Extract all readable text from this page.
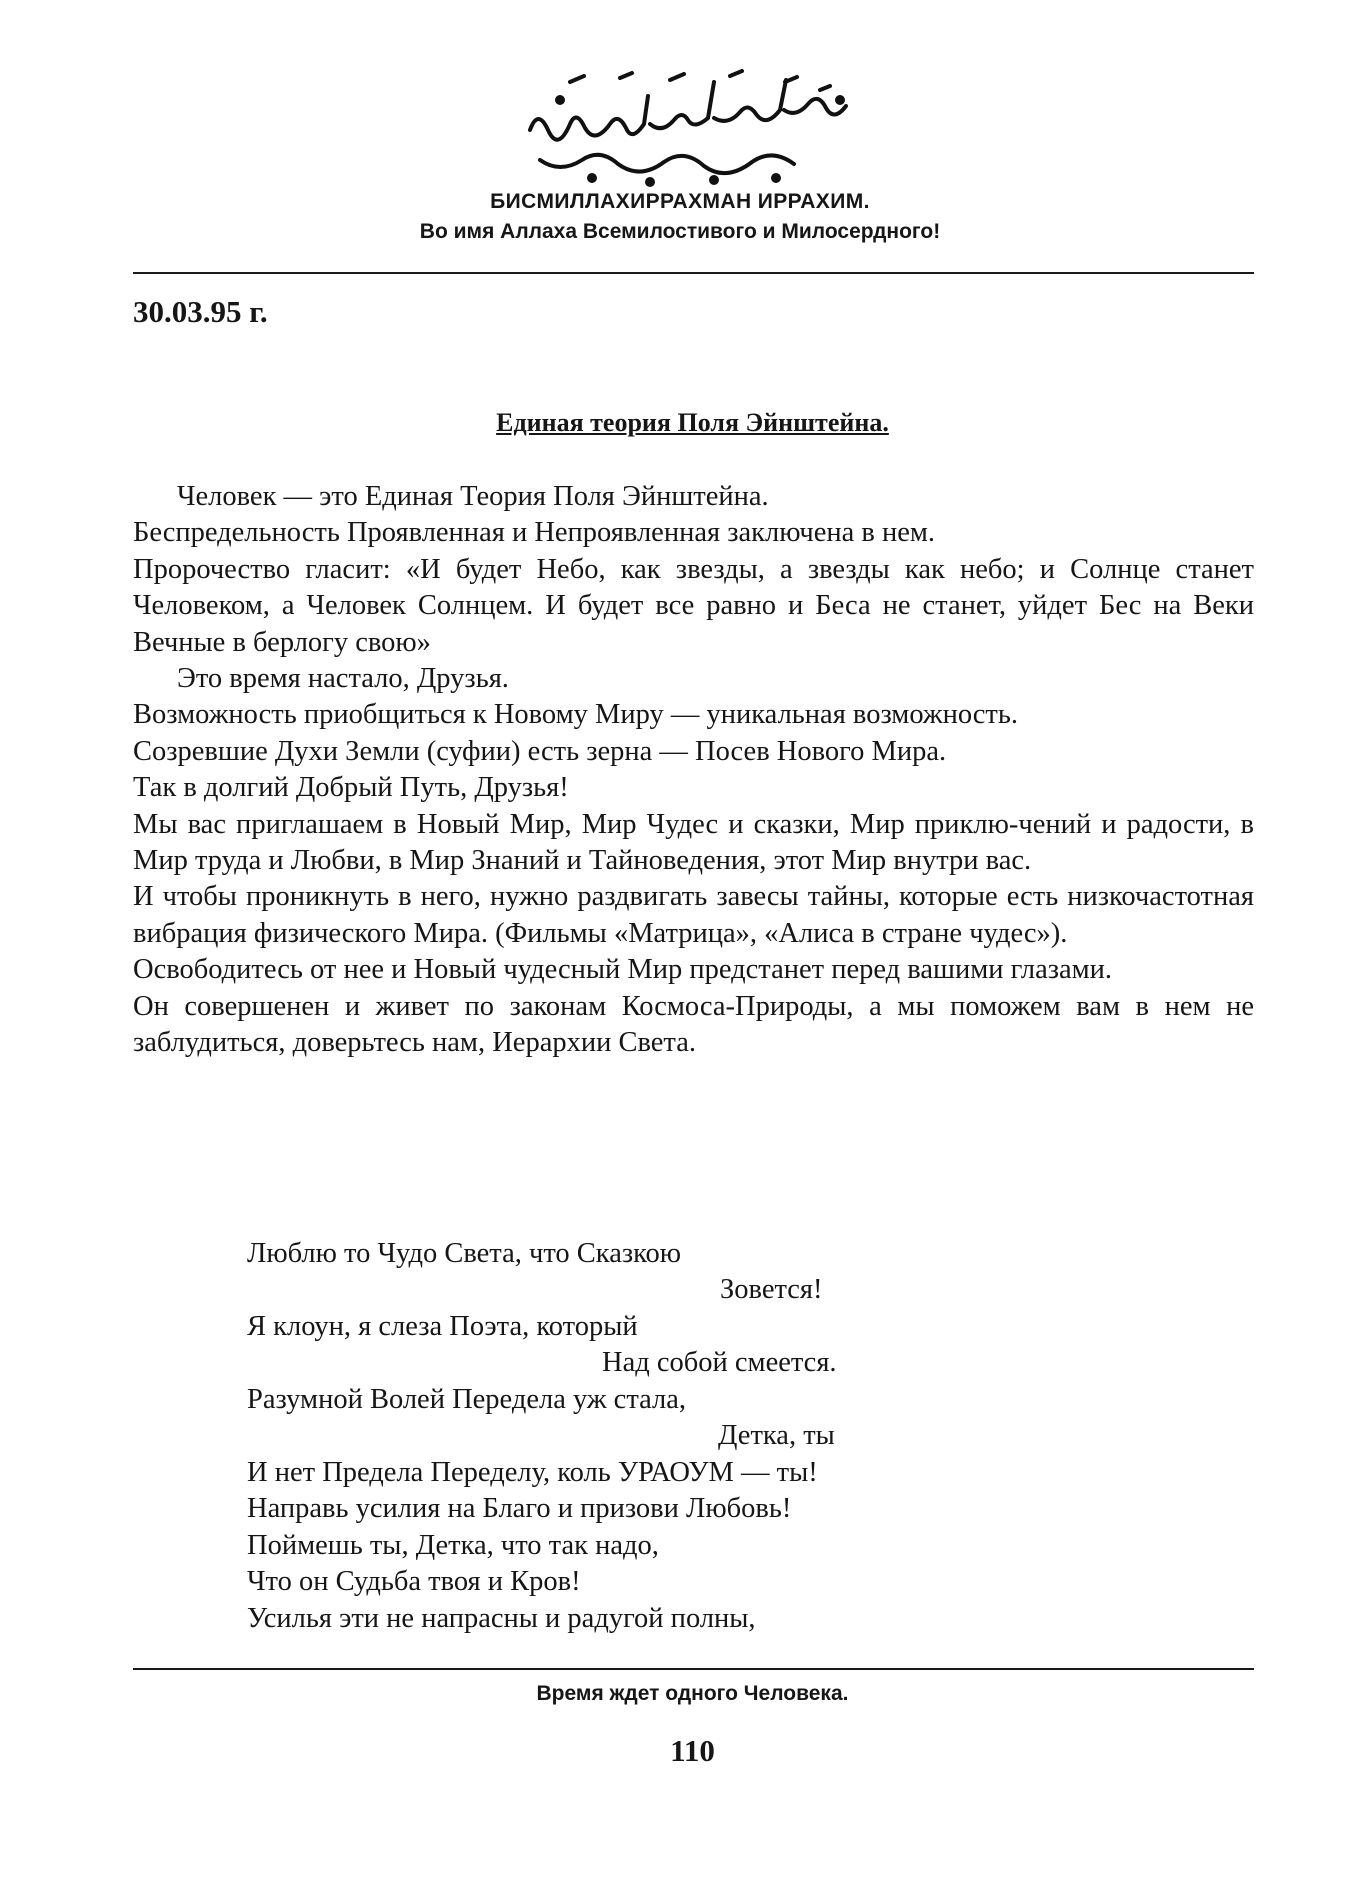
БИСМИЛЛАХИРРАХМАН ИРРАХИМ.
Во имя Аллаха Всемилостивого и Милосердного!
30.03.95 г.
Единая теория Поля Эйнштейна.
Человек — это Единая Теория Поля Эйнштейна.
Беспредельность Проявленная и Непроявленная заключена в нем.
Пророчество гласит: «И будет Небо, как звезды, а звезды как небо; и Солнце станет Человеком, а Человек Солнцем. И будет все равно и Беса не станет, уйдет Бес на Веки Вечные в берлогу свою»
Это время настало, Друзья.
Возможность приобщиться к Новому Миру — уникальная возможность.
Созревшие Духи Земли (суфии) есть зерна — Посев Нового Мира.
Так в долгий Добрый Путь, Друзья!
Мы вас приглашаем в Новый Мир, Мир Чудес и сказки, Мир приклю-чений и радости, в Мир труда и Любви, в Мир Знаний и Тайноведения, этот Мир внутри вас.
И чтобы проникнуть в него, нужно раздвигать завесы тайны, которые есть низкочастотная вибрация физического Мира. (Фильмы «Матрица», «Алиса в стране чудес»).
Освободитесь от нее и Новый чудесный Мир предстанет перед вашими глазами.
Он совершенен и живет по законам Космоса-Природы, а мы поможем вам в нем не заблудиться, доверьтесь нам, Иерархии Света.
Люблю то Чудо Света, что Сказкою
Зовется!
Я клоун, я слеза Поэта, который
Над собой смеется.
Разумной Волей Передела уж стала,
Детка, ты
И нет Предела Переделу, коль УРАОУМ — ты!
Направь усилия на Благо и призови Любовь!
Поймешь ты, Детка, что так надо,
Что он Судьба твоя и Кров!
Усилья эти не напрасны и радугой полны,
Время ждет одного Человека.
110
